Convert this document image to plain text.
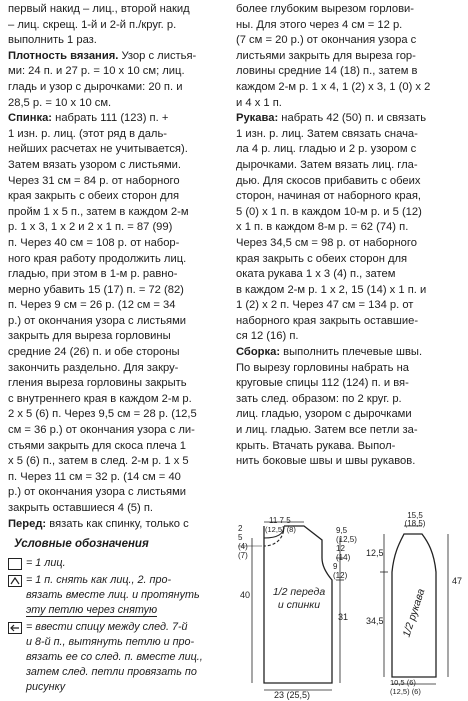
первый накид – лиц., второй накид
– лиц. скрещ. 1-й и 2-й п./круг. р.
выполнить 1 раз.

Плотность вязания. Узор с листья-
ми: 24 п. и 27 р. = 10 х 10 см; лиц.
гладь и узор с дырочками: 20 п. и
28,5 р. = 10 х 10 см.

Спинка: набрать 111 (123) п. +
1 изн. р. лиц. (этот ряд в даль-
нейших расчетах не учитывается).
Затем вязать узором с листьями.
Через 31 см = 84 р. от наборного
края закрыть с обеих сторон для
пройм 1 х 5 п., затем в каждом 2-м
р. 1 х 3, 1 х 2 и 2 х 1 п. = 87 (99)
п. Через 40 см = 108 р. от набор-
ного края работу продолжить лиц.
гладью, при этом в 1-м р. равно-
мерно убавить 15 (17) п. = 72 (82)
п. Через 9 см = 26 р. (12 см = 34
р.) от окончания узора с листьями
закрыть для выреза горловины
средние 24 (26) п. и обе стороны
закончить раздельно. Для закру-
гления выреза горловины закрыть
с внутреннего края в каждом 2-м р.
2 х 5 (6) п. Через 9,5 см = 28 р. (12,5
см = 36 р.) от окончания узора с ли-
стьями закрыть для скоса плеча 1
х 5 (6) п., затем в след. 2-м р. 1 х 5
п. Через 11 см = 32 р. (14 см = 40
р.) от окончания узора с листьями
закрыть оставшиеся 4 (5) п.

Перед: вязать как спинку, только с

более глубоким вырезом горлови-
ны. Для этого через 4 см = 12 р.
(7 см = 20 р.) от окончания узора с
листьями закрыть для выреза гор-
ловины средние 14 (18) п., затем в
каждом 2-м р. 1 х 4, 1 (2) х 3, 1 (0) х 2
и 4 х 1 п.

Рукава: набрать 42 (50) п. и связать
1 изн. р. лиц. Затем связать снача-
ла 4 р. лиц. гладью и 2 р. узором с
дырочками. Затем вязать лиц. гла-
дью. Для скосов прибавить с обеих
сторон, начиная от наборного края,
5 (0) х 1 п. в каждом 10-м р. и 5 (12)
х 1 п. в каждом 8-м р. = 62 (74) п.
Через 34,5 см = 98 р. от наборного
края закрыть с обеих сторон для
оката рукава 1 х 3 (4) п., затем
в каждом 2-м р. 1 х 2, 15 (14) х 1 п. и
1 (2) х 2 п. Через 47 см = 134 р. от
наборного края закрыть оставшие-
ся 12 (16) п.

Сборка: выполнить плечевые швы.
По вырезу горловины набрать на
круговые спицы 112 (124) п. и вя-
зать след. образом: по 2 круг. р.
лиц. гладью, узором с дырочками
и лиц. гладью. Затем все петли за-
крыть. Втачать рукава. Выпол-
нить боковые швы и швы рукавов.

Условные обозначения
= 1 лиц.
= 1 п. снять как лиц., 2. про-
вязать вместе лиц. и протянуть
эту петлю через снятую
= ввести спицу между след. 7-й
и 8-й п., вытянуть петлю и про-
вязать ее со след. п. вместе лиц.,
затем след. петли провязать по рисунку
11 7 5
(12,5) (8)
2
5
(4)
(7)
40
9,5
(12,5)
12
(14)
9
(12)
31
1/2 переда и спинки
23 (25,5)
15,5
(18,5)
12,5
47
34,5 1/2 рукава
10,5 (6)
(12,5) (6)
